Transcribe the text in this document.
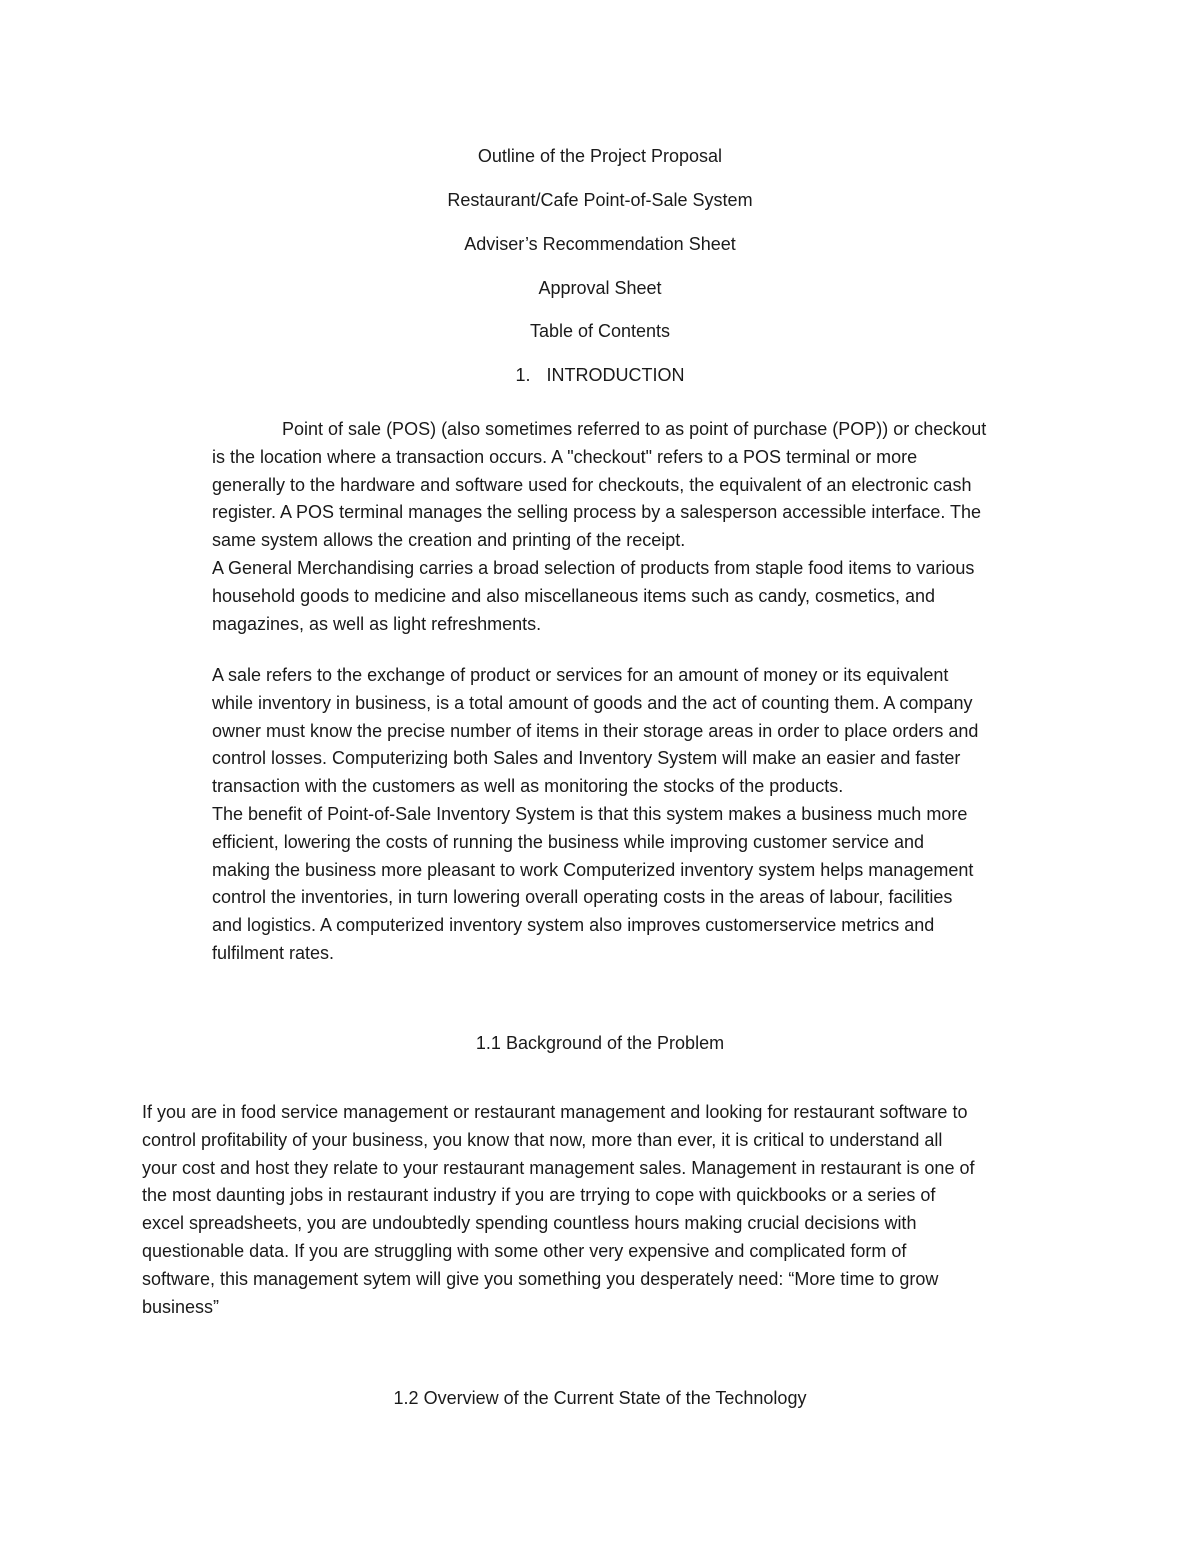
Outline of the Project Proposal
Restaurant/Cafe Point-of-Sale System
Adviser’s Recommendation Sheet
Approval Sheet
Table of Contents
1. INTRODUCTION
Point of sale (POS) (also sometimes referred to as point of purchase (POP)) or checkout
is the location where a transaction occurs. A "checkout" refers to a POS terminal or more
generally to the hardware and software used for checkouts, the equivalent of an electronic cash
register. A POS terminal manages the selling process by a salesperson accessible interface. The
same system allows the creation and printing of the receipt.
A General Merchandising carries a broad selection of products from staple food items to various
household goods to medicine and also miscellaneous items such as candy, cosmetics, and
magazines, as well as light refreshments.
A sale refers to the exchange of product or services for an amount of money or its equivalent
while inventory in business, is a total amount of goods and the act of counting them. A company
owner must know the precise number of items in their storage areas in order to place orders and
control losses. Computerizing both Sales and Inventory System will make an easier and faster
transaction with the customers as well as monitoring the stocks of the products.
The benefit of Point-of-Sale Inventory System is that this system makes a business much more
efficient, lowering the costs of running the business while improving customer service and
making the business more pleasant to work Computerized inventory system helps management
control the inventories, in turn lowering overall operating costs in the areas of labour, facilities
and logistics. A computerized inventory system also improves customerservice metrics and
fulfilment rates.
1.1 Background of the Problem
If you are in food service management or restaurant management and looking for restaurant software to
control profitability of your business, you know that now, more than ever, it is critical to understand all
your cost and host they relate to your restaurant management sales. Management in restaurant is one of
the most daunting jobs in restaurant industry if you are trrying to cope with quickbooks or a series of
excel spreadsheets, you are undoubtedly spending countless hours making crucial decisions with
questionable data. If you are struggling with some other very expensive and complicated form of
software, this management sytem will give you something you desperately need: “More time to grow
business”
1.2 Overview of the Current State of the Technology
